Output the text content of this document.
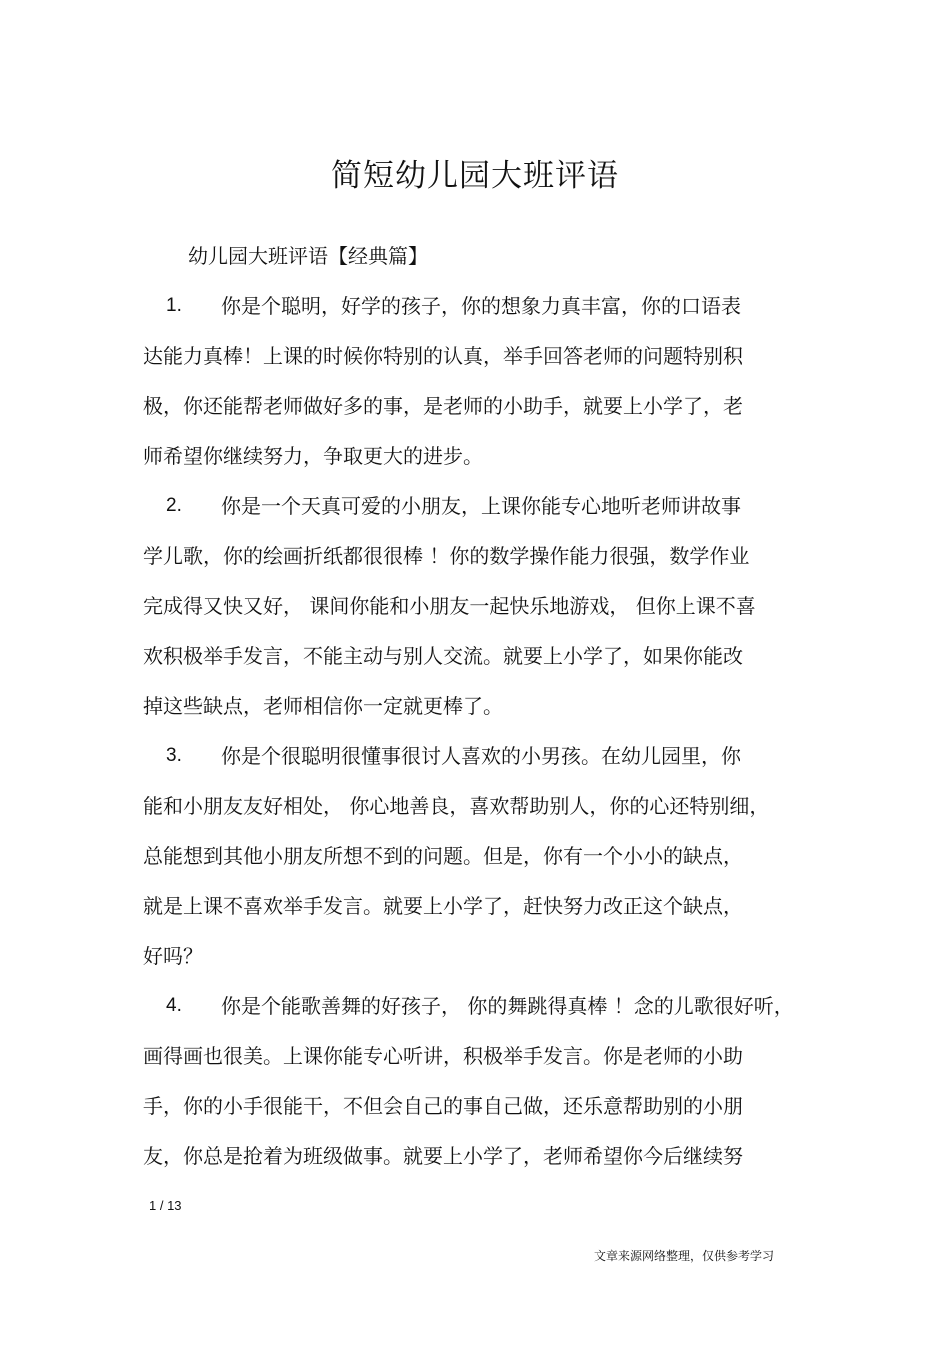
简短幼儿园大班评语
幼儿园大班评语【经典篇】
1. 你是个聪明，好学的孩子，你的想象力真丰富，你的口语表
达能力真棒！上课的时候你特别的认真，举手回答老师的问题特别积
极，你还能帮老师做好多的事，是老师的小助手，就要上小学了，老
师希望你继续努力，争取更大的进步。
2. 你是一个天真可爱的小朋友，上课你能专心地听老师讲故事
学儿歌，你的绘画折纸都很很棒 ！你的数学操作能力很强，数学作业
完成得又快又好， 课间你能和小朋友一起快乐地游戏， 但你上课不喜
欢积极举手发言，不能主动与别人交流。就要上小学了，如果你能改
掉这些缺点，老师相信你一定就更棒了。
3. 你是个很聪明很懂事很讨人喜欢的小男孩。在幼儿园里，你
能和小朋友友好相处， 你心地善良，喜欢帮助别人，你的心还特别细，
总能想到其他小朋友所想不到的问题。但是，你有一个小小的缺点，
就是上课不喜欢举手发言。就要上小学了，赶快努力改正这个缺点，
好吗？
4. 你是个能歌善舞的好孩子， 你的舞跳得真棒 ！念的儿歌很好听，
画得画也很美。上课你能专心听讲，积极举手发言。你是老师的小助
手，你的小手很能干，不但会自己的事自己做，还乐意帮助别的小朋
友，你总是抢着为班级做事。就要上小学了，老师希望你今后继续努
1 / 13
文章来源网络整理，仅供参考学习
